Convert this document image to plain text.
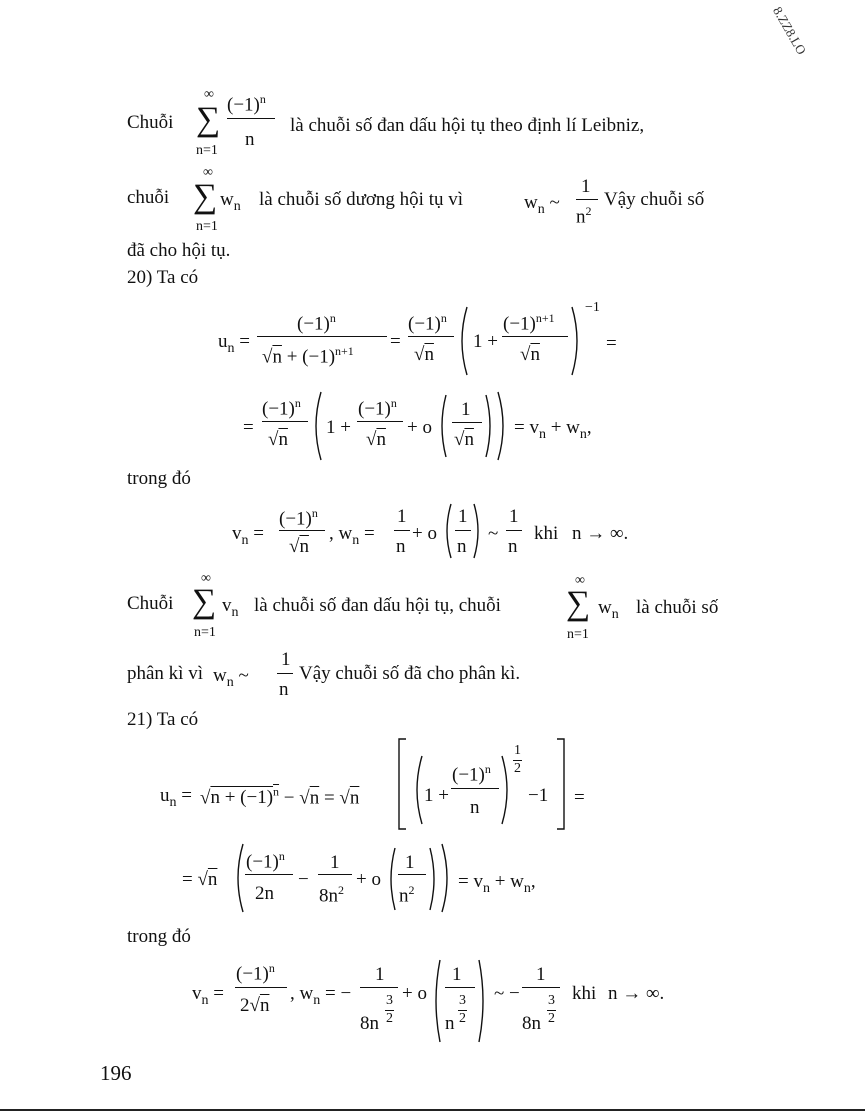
8.ZZ8.LO
Chuỗi
∞
∑
n=1
$(-1)^n$
n
là chuỗi số đan dấu hội tụ theo định lí Leibniz,
chuỗi
∞
∑
n=1
$w_n$ là chuỗi số dương hội tụ vì	$w_n$ ~
1
$n^2$
Vậy chuỗi số
đã cho hội tụ.
20) Ta có
$u_n$ =
$(-1)^n$
$√n + (-1)^{n+1}$ =
$(-1)^n$
√n
1 +
$(-1)^{n+1}$
√n
−1
=
=
$(-1)^n$
√n
1 +
$(-1)^n$
√n
+ o
1
√n
= $v_n + w_n$,
trong đó
$v_n$ =
$(-1)^n$
√n
, $w_n$ =
1
n
+ o
1
n
~
1
n
khi n → ∞.
Chuỗi
∞
∑
n=1
$v_n$ là chuỗi số đan dấu hội tụ, chuỗi
∞
∑
n=1
$w_n$ là chuỗi số
phân kì vì $w_n$ ~
1
n
Vậy chuỗi số đã cho phân kì.
21) Ta có
$u_n = √n + (-1)^n - √n = √n$	1 +
$(-1)^n$
n
1
2
−1 =
= √n
$(-1)^n$
2n
−
1
$8n^2 + o$
1
$n^2 = v_n + w_n$,
trong đó
$v_n$ =
$(-1)^n$
2√n
, $w_n$ = −
1
8n
3
2
+ o
1
n
3
2
~ −
1
8n
3
2
khi n → ∞.
196
